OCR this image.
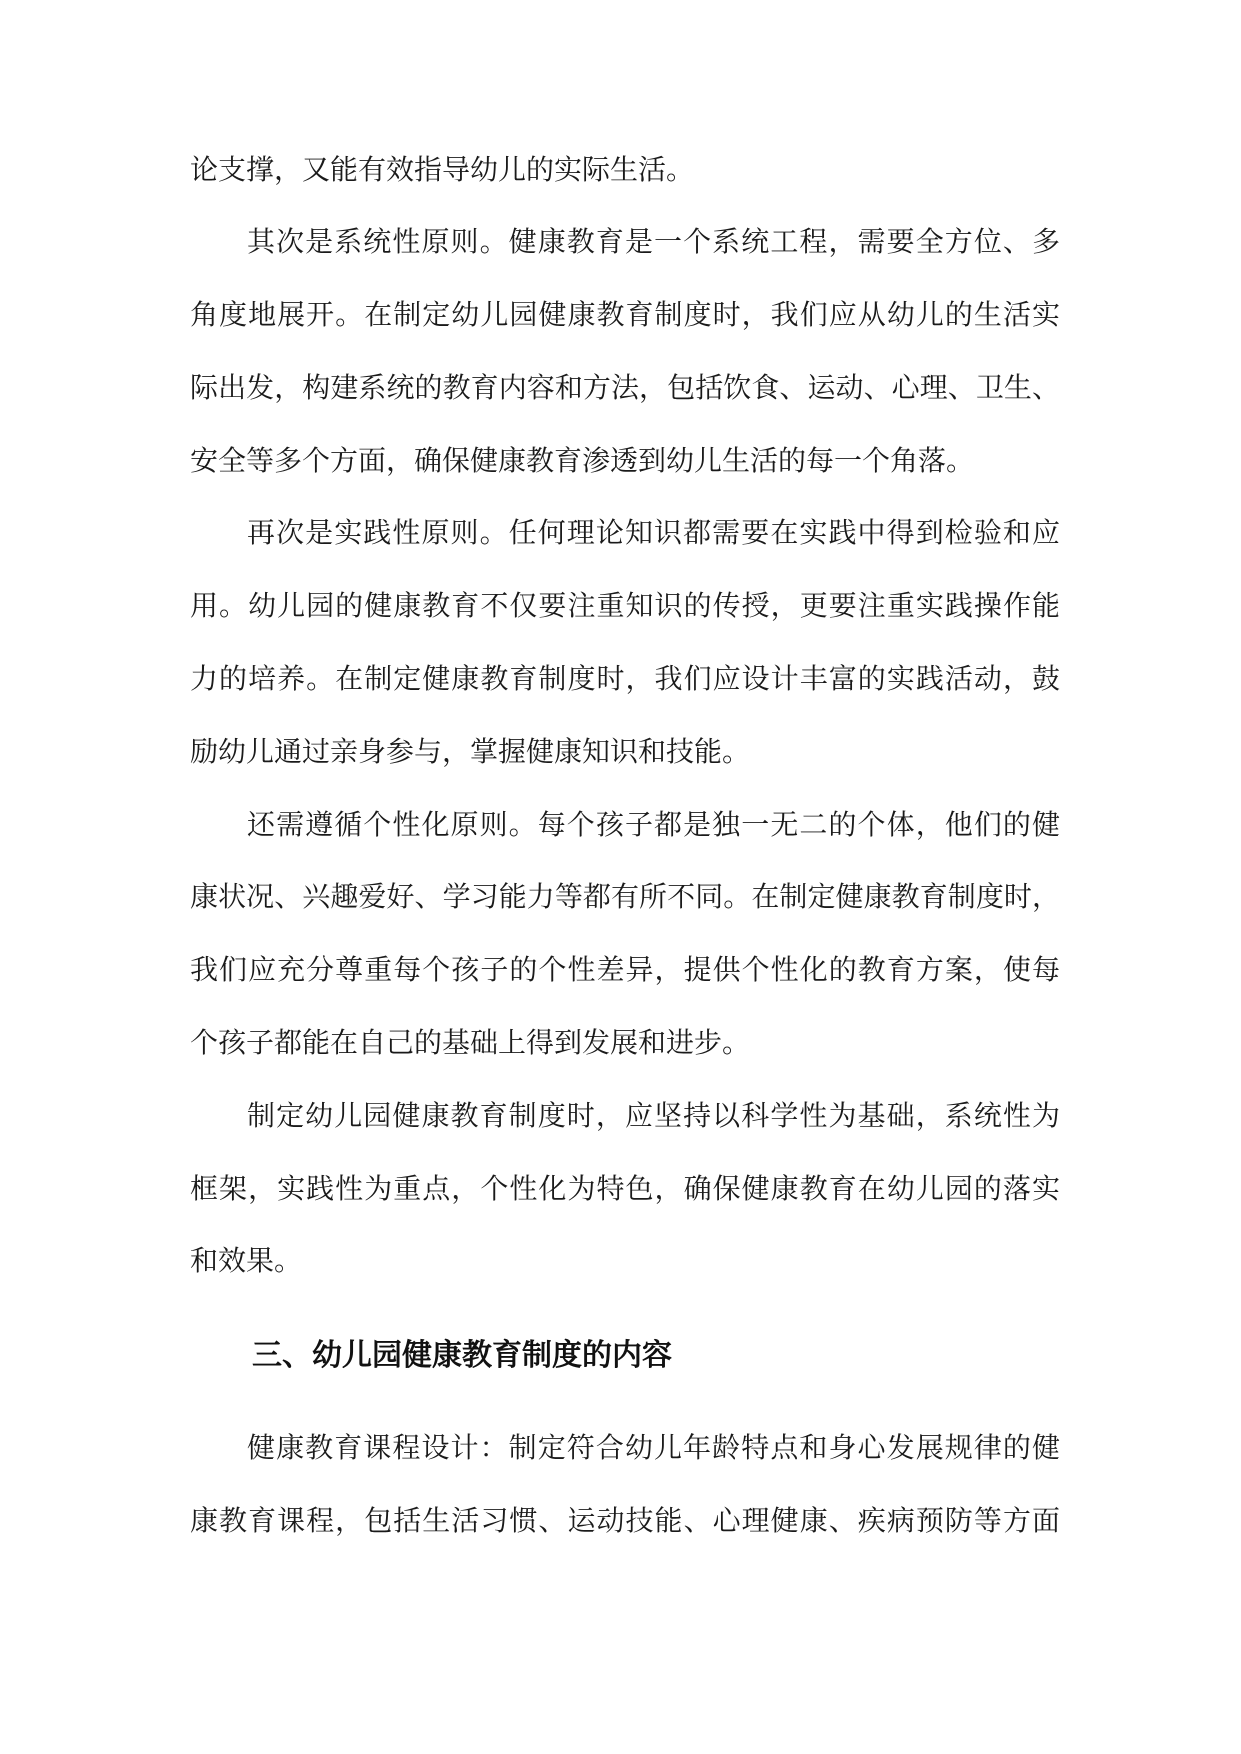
论支撑，又能有效指导幼儿的实际生活。
其次是系统性原则。健康教育是一个系统工程，需要全方位、多
角度地展开。在制定幼儿园健康教育制度时，我们应从幼儿的生活实
际出发，构建系统的教育内容和方法，包括饮食、运动、心理、卫生、
安全等多个方面，确保健康教育渗透到幼儿生活的每一个角落。
再次是实践性原则。任何理论知识都需要在实践中得到检验和应
用。幼儿园的健康教育不仅要注重知识的传授，更要注重实践操作能
力的培养。在制定健康教育制度时，我们应设计丰富的实践活动，鼓
励幼儿通过亲身参与，掌握健康知识和技能。
还需遵循个性化原则。每个孩子都是独一无二的个体，他们的健
康状况、兴趣爱好、学习能力等都有所不同。在制定健康教育制度时，
我们应充分尊重每个孩子的个性差异，提供个性化的教育方案，使每
个孩子都能在自己的基础上得到发展和进步。
制定幼儿园健康教育制度时，应坚持以科学性为基础，系统性为
框架，实践性为重点，个性化为特色，确保健康教育在幼儿园的落实
和效果。
三、幼儿园健康教育制度的内容
健康教育课程设计：制定符合幼儿年龄特点和身心发展规律的健
康教育课程，包括生活习惯、运动技能、心理健康、疾病预防等方面
